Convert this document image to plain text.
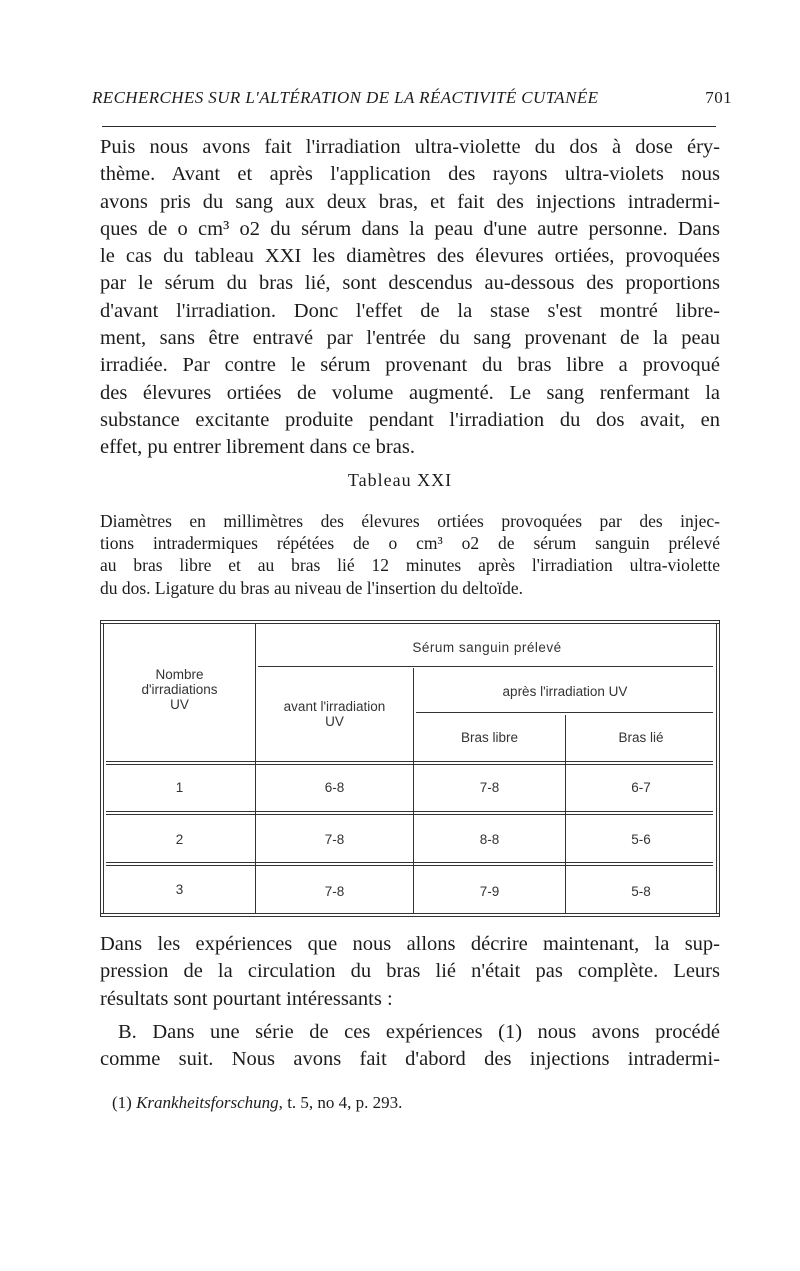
RECHERCHES SUR L'ALTÉRATION DE LA RÉACTIVITÉ CUTANÉE	701
Puis nous avons fait l'irradiation ultra-violette du dos à dose éry-
thème. Avant et après l'application des rayons ultra-violets nous
avons pris du sang aux deux bras, et fait des injections intradermi-
ques de o cm³ o2 du sérum dans la peau d'une autre personne. Dans
le cas du tableau XXI les diamètres des élevures ortiées, provoquées
par le sérum du bras lié, sont descendus au-dessous des proportions
d'avant l'irradiation. Donc l'effet de la stase s'est montré libre-
ment, sans être entravé par l'entrée du sang provenant de la peau
irradiée. Par contre le sérum provenant du bras libre a provoqué
des élevures ortiées de volume augmenté. Le sang renfermant la
substance excitante produite pendant l'irradiation du dos avait, en
effet, pu entrer librement dans ce bras.
Tableau XXI
Diamètres en millimètres des élevures ortiées provoquées par des injec-
tions intradermiques répétées de o cm³ o2 de sérum sanguin prélevé
au bras libre et au bras lié 12 minutes après l'irradiation ultra-violette
du dos. Ligature du bras au niveau de l'insertion du deltoïde.
Sérum sanguin prélevé
Nombre
d'irradiations
UV	avant l'irradiation
UV
après l'irradiation UV
Bras libre	Bras lié
1	6-8	7-8	6-7
2	7-8	8-8	5-6
3	7-8	7-9	5-8
Dans les expériences que nous allons décrire maintenant, la sup-
pression de la circulation du bras lié n'était pas complète. Leurs
résultats sont pourtant intéressants :
B. Dans une série de ces expériences (1) nous avons procédé
comme suit. Nous avons fait d'abord des injections intradermi-
(1) Krankheitsforschung, t. 5, no 4, p. 293.
